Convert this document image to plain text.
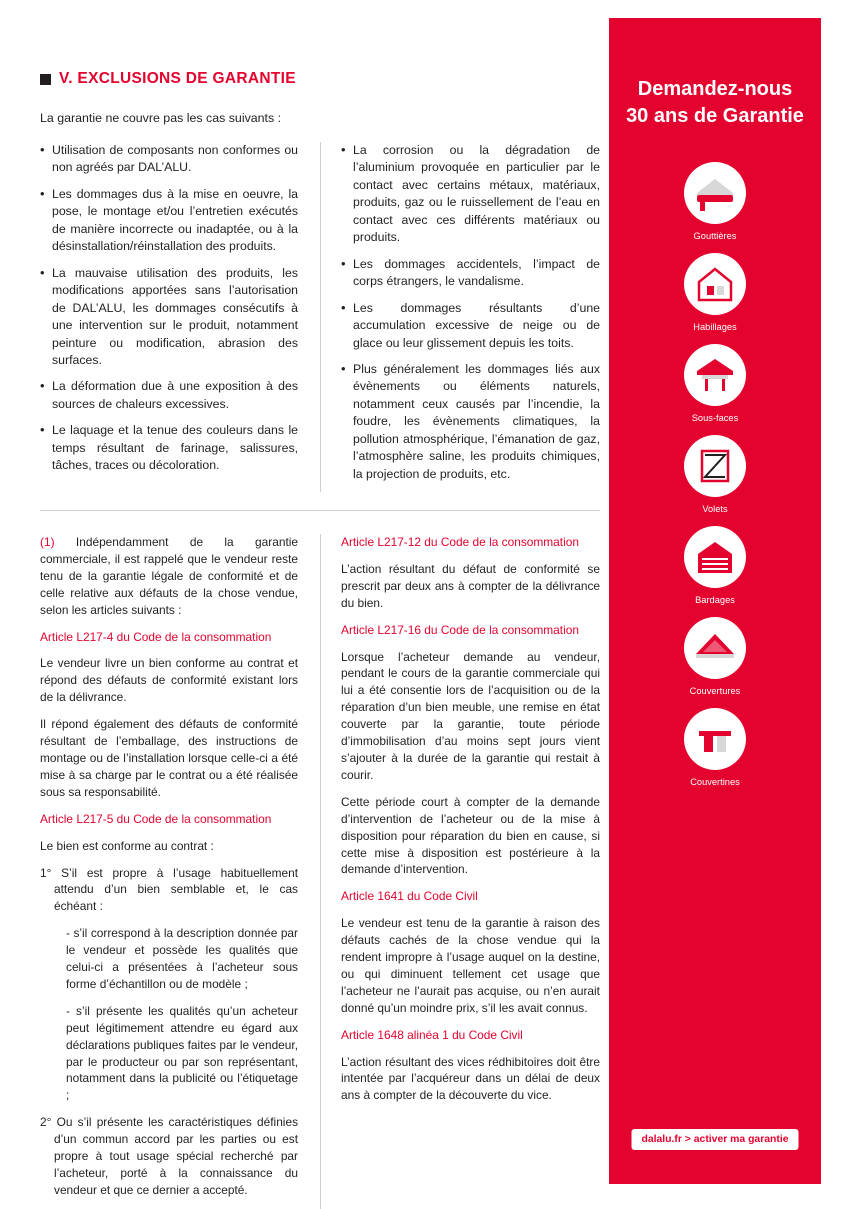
V. EXCLUSIONS DE GARANTIE

La garantie ne couvre pas les cas suivants :

• Utilisation de composants non conformes ou non agréés par DAL’ALU.
• Les dommages dus à la mise en oeuvre, la pose, le montage et/ou l’entretien exécutés de manière incorrecte ou inadaptée, ou à la désinstallation/réinstallation des produits.
• La mauvaise utilisation des produits, les modifications apportées sans l’autorisation de DAL’ALU, les dommages consécutifs à une intervention sur le produit, notamment peinture ou modification, abrasion des surfaces.
• La déformation due à une exposition à des sources de chaleurs excessives.
• Le laquage et la tenue des couleurs dans le temps résultant de farinage, salissures, tâches, traces ou décoloration.
• La corrosion ou la dégradation de l’aluminium provoquée en particulier par le contact avec certains métaux, matériaux, produits, gaz ou le ruissellement de l’eau en contact avec ces différents matériaux ou produits.
• Les dommages accidentels, l’impact de corps étrangers, le vandalisme.
• Les dommages résultants d’une accumulation excessive de neige ou de glace ou leur glissement depuis les toits.
• Plus généralement les dommages liés aux évènements ou éléments naturels, notamment ceux causés par l’incendie, la foudre, les évènements climatiques, la pollution atmosphérique, l’émanation de gaz, l’atmosphère saline, les produits chimiques, la projection de produits, etc.

(1) Indépendamment de la garantie commerciale, il est rappelé que le vendeur reste tenu de la garantie légale de conformité et de celle relative aux défauts de la chose vendue, selon les articles suivants :

Article L217-4 du Code de la consommation

Le vendeur livre un bien conforme au contrat et répond des défauts de conformité existant lors de la délivrance.

Il répond également des défauts de conformité résultant de l’emballage, des instructions de montage ou de l’installation lorsque celle-ci a été mise à sa charge par le contrat ou a été réalisée sous sa responsabilité.

Article L217-5 du Code de la consommation

Le bien est conforme au contrat :

1° S’il est propre à l’usage habituellement attendu d’un bien semblable et, le cas échéant :

- s’il correspond à la description donnée par le vendeur et possède les qualités que celui-ci a présentées à l’acheteur sous forme d’échantillon ou de modèle ;

- s’il présente les qualités qu’un acheteur peut légitimement attendre eu égard aux déclarations publiques faites par le vendeur, par le producteur ou par son représentant, notamment dans la publicité ou l’étiquetage ;

2° Ou s’il présente les caractéristiques définies d’un commun accord par les parties ou est propre à tout usage spécial recherché par l’acheteur, porté à la connaissance du vendeur et que ce dernier a accepté.

Article L217-12 du Code de la consommation

L’action résultant du défaut de conformité se prescrit par deux ans à compter de la délivrance du bien.

Article L217-16 du Code de la consommation

Lorsque l’acheteur demande au vendeur, pendant le cours de la garantie commerciale qui lui a été consentie lors de l’acquisition ou de la réparation d’un bien meuble, une remise en état couverte par la garantie, toute période d’immobilisation d’au moins sept jours vient s’ajouter à la durée de la garantie qui restait à courir.

Cette période court à compter de la demande d’intervention de l’acheteur ou de la mise à disposition pour réparation du bien en cause, si cette mise à disposition est postérieure à la demande d’intervention.

Article 1641 du Code Civil

Le vendeur est tenu de la garantie à raison des défauts cachés de la chose vendue qui la rendent impropre à l’usage auquel on la destine, ou qui diminuent tellement cet usage que l’acheteur ne l’aurait pas acquise, ou n’en aurait donné qu’un moindre prix, s’il les avait connus.

Article 1648 alinéa 1 du Code Civil

L’action résultant des vices rédhibitoires doit être intentée par l’acquéreur dans un délai de deux ans à compter de la découverte du vice.

Demandez-nous
30 ans de Garantie
Gouttières
Habillages
Sous-faces
Volets
Bardages
Couvertures
Couvertines
dalalu.fr > activer ma garantie
